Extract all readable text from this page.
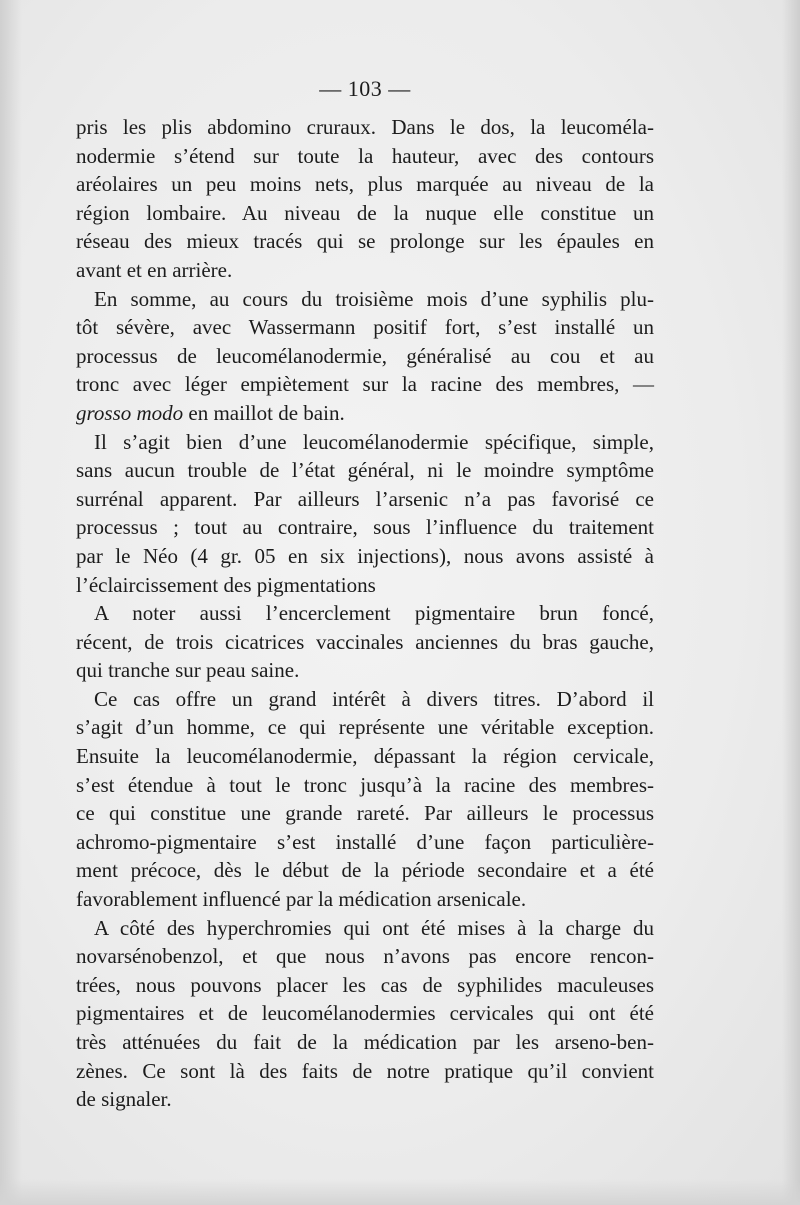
— 103 —
pris les plis abdomino cruraux. Dans le dos, la leucoméla-
nodermie s’étend sur toute la hauteur, avec des contours
aréolaires un peu moins nets, plus marquée au niveau de la
région lombaire. Au niveau de la nuque elle constitue un
réseau des mieux tracés qui se prolonge sur les épaules en
avant et en arrière.
En somme, au cours du troisième mois d’une syphilis plu-
tôt sévère, avec Wassermann positif fort, s’est installé un
processus de leucomélanodermie, généralisé au cou et au
tronc avec léger empiètement sur la racine des membres, —
grosso modo en maillot de bain.
Il s’agit bien d’une leucomélanodermie spécifique, simple,
sans aucun trouble de l’état général, ni le moindre symptôme
surrénal apparent. Par ailleurs l’arsenic n’a pas favorisé ce
processus ; tout au contraire, sous l’influence du traitement
par le Néo (4 gr. 05 en six injections), nous avons assisté à
l’éclaircissement des pigmentations
A noter aussi l’encerclement pigmentaire brun foncé,
récent, de trois cicatrices vaccinales anciennes du bras gauche,
qui tranche sur peau saine.
Ce cas offre un grand intérêt à divers titres. D’abord il
s’agit d’un homme, ce qui représente une véritable exception.
Ensuite la leucomélanodermie, dépassant la région cervicale,
s’est étendue à tout le tronc jusqu’à la racine des membres-
ce qui constitue une grande rareté. Par ailleurs le processus
achromo-pigmentaire s’est installé d’une façon particulière-
ment précoce, dès le début de la période secondaire et a été
favorablement influencé par la médication arsenicale.
A côté des hyperchromies qui ont été mises à la charge du
novarsénobenzol, et que nous n’avons pas encore rencon-
trées, nous pouvons placer les cas de syphilides maculeuses
pigmentaires et de leucomélanodermies cervicales qui ont été
très atténuées du fait de la médication par les arseno-ben-
zènes. Ce sont là des faits de notre pratique qu’il convient
de signaler.
